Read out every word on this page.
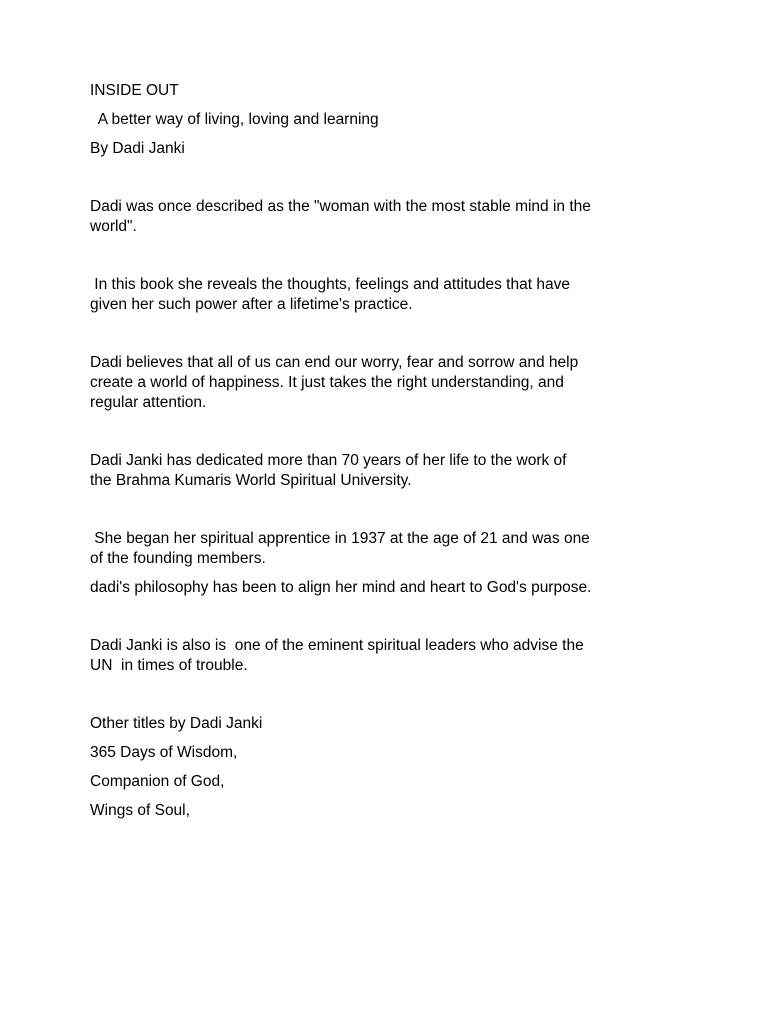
INSIDE OUT

A better way of living, loving and learning

By Dadi Janki

Dadi was once described as the "woman with the most stable mind in the
world".
In this book she reveals the thoughts, feelings and attitudes that have
given her such power after a lifetime's practice.
Dadi believes that all of us can end our worry, fear and sorrow and help
create a world of happiness. It just takes the right understanding, and
regular attention.
Dadi Janki has dedicated more than 70 years of her life to the work of
the Brahma Kumaris World Spiritual University.
She began her spiritual apprentice in 1937 at the age of 21 and was one
of the founding members.
dadi's philosophy has been to align her mind and heart to God's purpose.
Dadi Janki is also is  one of the eminent spiritual leaders who advise the
UN  in times of trouble.

Other titles by Dadi Janki

365 Days of Wisdom,

Companion of God,

Wings of Soul,
